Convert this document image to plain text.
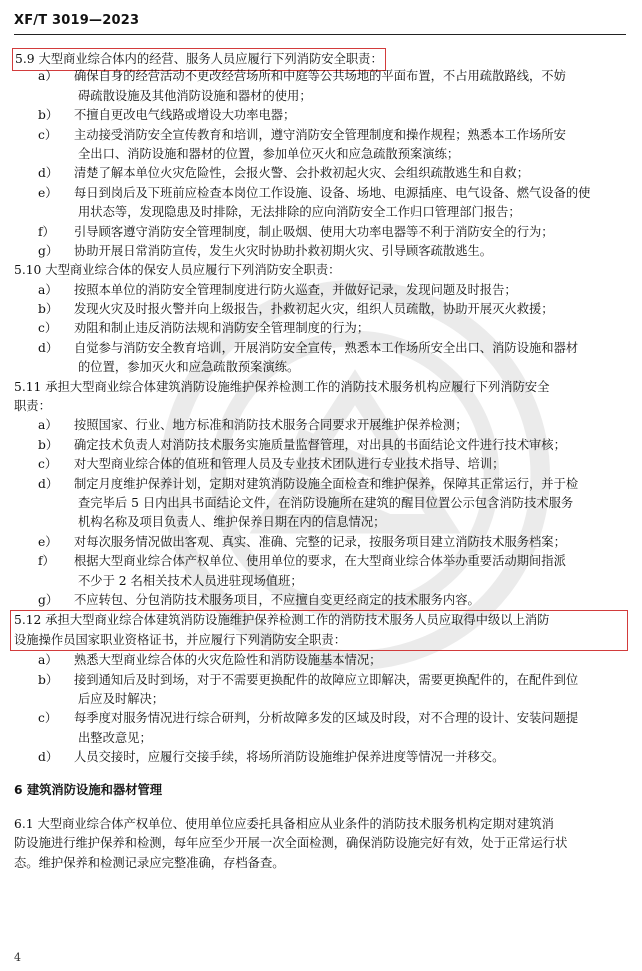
XF/T 3019—2023
5.9 大型商业综合体内的经营、服务人员应履行下列消防安全职责：
a） 确保自身的经营活动不更改经营场所和中庭等公共场地的平面布置，不占用疏散路线，不妨
碍疏散设施及其他消防设施和器材的使用；
b） 不擅自更改电气线路或增设大功率电器；
c） 主动接受消防安全宣传教育和培训，遵守消防安全管理制度和操作规程；熟悉本工作场所安
全出口、消防设施和器材的位置，参加单位灭火和应急疏散预案演练；
d） 清楚了解本单位火灾危险性，会报火警、会扑救初起火灾、会组织疏散逃生和自救；
e） 每日到岗后及下班前应检查本岗位工作设施、设备、场地、电源插座、电气设备、燃气设备的使
用状态等，发现隐患及时排除，无法排除的应向消防安全工作归口管理部门报告；
f） 引导顾客遵守消防安全管理制度，制止吸烟、使用大功率电器等不利于消防安全的行为；
g） 协助开展日常消防宣传，发生火灾时协助扑救初期火灾、引导顾客疏散逃生。
5.10 大型商业综合体的保安人员应履行下列消防安全职责：
a） 按照本单位的消防安全管理制度进行防火巡查，并做好记录，发现问题及时报告；
b） 发现火灾及时报火警并向上级报告，扑救初起火灾，组织人员疏散，协助开展灭火救援；
c） 劝阻和制止违反消防法规和消防安全管理制度的行为；
d） 自觉参与消防安全教育培训，开展消防安全宣传，熟悉本工作场所安全出口、消防设施和器材
的位置，参加灭火和应急疏散预案演练。
5.11 承担大型商业综合体建筑消防设施维护保养检测工作的消防技术服务机构应履行下列消防安全
职责：
a） 按照国家、行业、地方标准和消防技术服务合同要求开展维护保养检测；
b） 确定技术负责人对消防技术服务实施质量监督管理，对出具的书面结论文件进行技术审核；
c） 对大型商业综合体的值班和管理人员及专业技术团队进行专业技术指导、培训；
d） 制定月度维护保养计划，定期对建筑消防设施全面检查和维护保养，保障其正常运行，并于检
查完毕后 5 日内出具书面结论文件，在消防设施所在建筑的醒目位置公示包含消防技术服务
机构名称及项目负责人、维护保养日期在内的信息情况；
e） 对每次服务情况做出客观、真实、准确、完整的记录，按服务项目建立消防技术服务档案；
f） 根据大型商业综合体产权单位、使用单位的要求，在大型商业综合体举办重要活动期间指派
不少于 2 名相关技术人员进驻现场值班；
g） 不应转包、分包消防技术服务项目，不应擅自变更经商定的技术服务内容。
5.12 承担大型商业综合体建筑消防设施维护保养检测工作的消防技术服务人员应取得中级以上消防
设施操作员国家职业资格证书，并应履行下列消防安全职责：
a） 熟悉大型商业综合体的火灾危险性和消防设施基本情况；
b） 接到通知后及时到场，对于不需要更换配件的故障应立即解决，需要更换配件的，在配件到位
后应及时解决；
c） 每季度对服务情况进行综合研判，分析故障多发的区域及时段，对不合理的设计、安装问题提
出整改意见；
d） 人员交接时，应履行交接手续，将场所消防设施维护保养进度等情况一并移交。
6 建筑消防设施和器材管理
6.1 大型商业综合体产权单位、使用单位应委托具备相应从业条件的消防技术服务机构定期对建筑消
防设施进行维护保养和检测，每年应至少开展一次全面检测，确保消防设施完好有效，处于正常运行状
态。维护保养和检测记录应完整准确，存档备查。
4
